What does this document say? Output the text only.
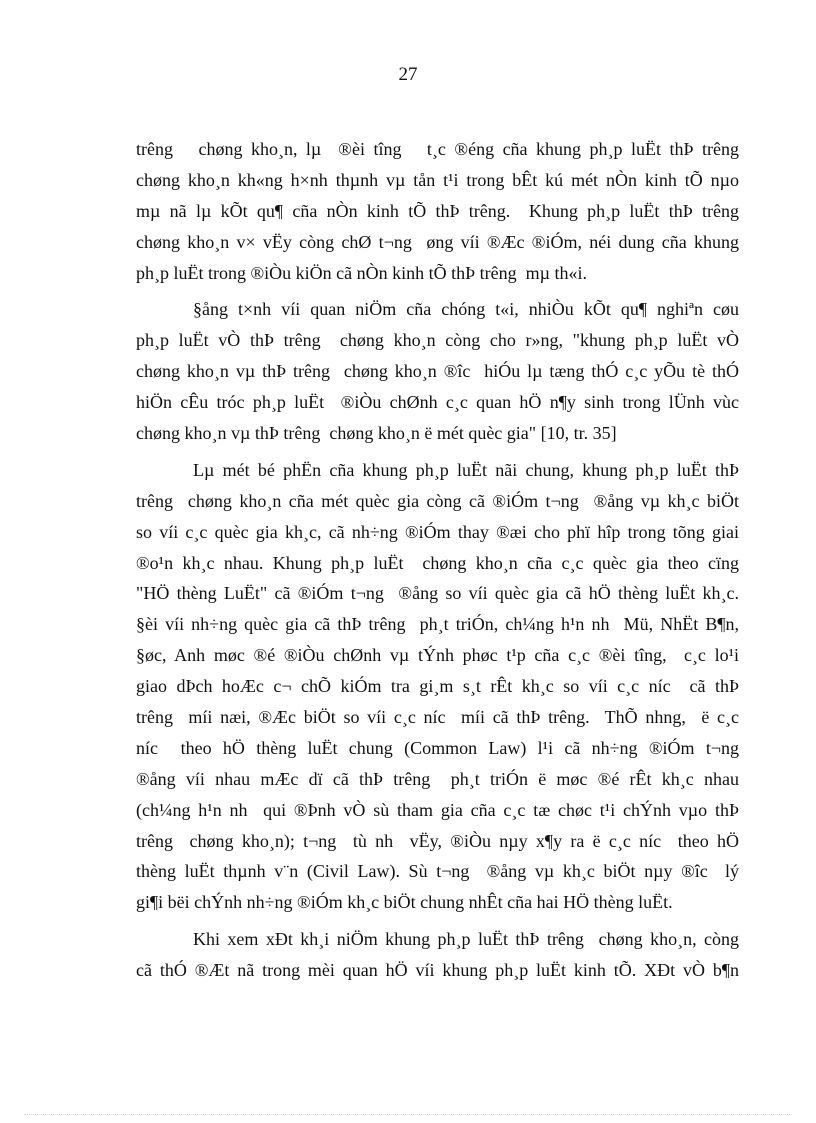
27
trêng   chøng kho¸n, lµ  ®èi tîng   t¸c ®éng cña khung ph¸p luËt thÞ trêng
chøng kho¸n kh«ng h×nh thµnh vµ tån t¹i trong bÊt kú mét nÒn kinh tÕ nµo
mµ nã lµ kÕt qu¶ cña nÒn kinh tÕ thÞ trêng.  Khung ph¸p luËt thÞ trêng
chøng kho¸n v× vËy còng chØ t¬ng  øng víi ®Æc ®iÓm, néi dung cña khung
ph¸p luËt trong ®iÒu kiÖn cã nÒn kinh tÕ thÞ trêng  mµ th«i.
§ång t×nh víi quan niÖm cña chóng t«i, nhiÒu kÕt qu¶ nghiªn cøu
ph¸p luËt vÒ thÞ trêng  chøng kho¸n còng cho r»ng, "khung ph¸p luËt vÒ
chøng kho¸n vµ thÞ trêng  chøng kho¸n ®îc  hiÓu lµ tæng thÓ c¸c yÕu tè thÓ
hiÖn cÊu tróc ph¸p luËt  ®iÒu chØnh c¸c quan hÖ n¶y sinh trong lÜnh vùc
chøng kho¸n vµ thÞ trêng  chøng kho¸n ë mét quèc gia" [10, tr. 35]
Lµ mét bé phËn cña khung ph¸p luËt nãi chung, khung ph¸p luËt thÞ
trêng  chøng kho¸n cña mét quèc gia còng cã ®iÓm t¬ng  ®ång vµ kh¸c biÖt
so víi c¸c quèc gia kh¸c, cã nh÷ng ®iÓm thay ®æi cho phï hîp trong tõng giai
®o¹n kh¸c nhau. Khung ph¸p luËt  chøng kho¸n cña c¸c quèc gia theo cïng
"HÖ thèng LuËt" cã ®iÓm t¬ng  ®ång so víi quèc gia cã hÖ thèng luËt kh¸c.
§èi víi nh÷ng quèc gia cã thÞ trêng  ph¸t triÓn, ch¼ng h¹n nh  Mü, NhËt B¶n,
§øc, Anh møc ®é ®iÒu chØnh vµ tÝnh phøc t¹p cña c¸c ®èi tîng,  c¸c lo¹i
giao dÞch hoÆc c¬ chÕ kiÓm tra gi¸m s¸t rÊt kh¸c so víi c¸c níc  cã thÞ
trêng  míi næi, ®Æc biÖt so víi c¸c níc  míi cã thÞ trêng.  ThÕ nhng,  ë c¸c
níc  theo hÖ thèng luËt chung (Common Law) l¹i cã nh÷ng ®iÓm t¬ng
®ång víi nhau mÆc dï cã thÞ trêng  ph¸t triÓn ë møc ®é rÊt kh¸c nhau
(ch¼ng h¹n nh  qui ®Þnh vÒ sù tham gia cña c¸c tæ chøc t¹i chÝnh vµo thÞ
trêng  chøng kho¸n); t¬ng  tù nh  vËy, ®iÒu nµy x¶y ra ë c¸c níc  theo hÖ
thèng luËt thµnh v¨n (Civil Law). Sù t¬ng  ®ång vµ kh¸c biÖt nµy ®îc  lý
gi¶i bëi chÝnh nh÷ng ®iÓm kh¸c biÖt chung nhÊt cña hai HÖ thèng luËt.
Khi xem xÐt kh¸i niÖm khung ph¸p luËt thÞ trêng  chøng kho¸n, còng
cã thÓ ®Æt nã trong mèi quan hÖ víi khung ph¸p luËt kinh tÕ. XÐt vÒ b¶n
